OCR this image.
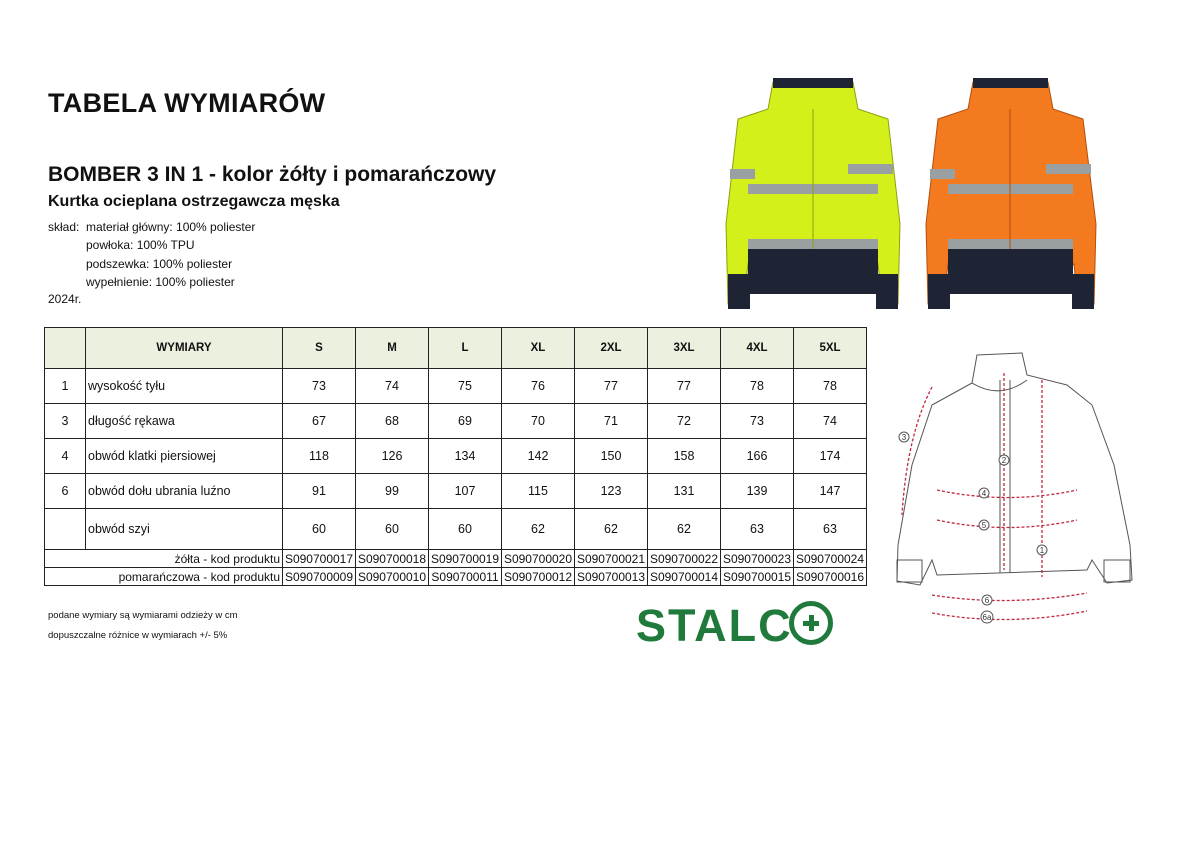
TABELA WYMIARÓW
BOMBER 3 IN 1 - kolor żółty i pomarańczowy
Kurtka ocieplana ostrzegawcza męska
skład: materiał główny: 100% poliester
powłoka: 100% TPU
podszewka: 100% poliester
wypełnienie: 100% poliester
2024r.
	WYMIARY	S	M	L	XL	2XL	3XL	4XL	5XL
1	wysokość tyłu	73	74	75	76	77	77	78	78
3	długość rękawa	67	68	69	70	71	72	73	74
4	obwód klatki piersiowej	118	126	134	142	150	158	166	174
6	obwód dołu ubrania luźno	91	99	107	115	123	131	139	147
	obwód szyi	60	60	60	62	62	62	63	63
żółta - kod produktu		S090700017	S090700018	S090700019	S090700020	S090700021	S090700022	S090700023	S090700024
pomarańczowa - kod produktu		S090700009	S090700010	S090700011	S090700012	S090700013	S090700014	S090700015	S090700016
1
2
3
4
5
6
6a
podane wymiary są wymiarami odzieży w cm
dopuszczalne różnice w wymiarach +/- 5%	STALC
